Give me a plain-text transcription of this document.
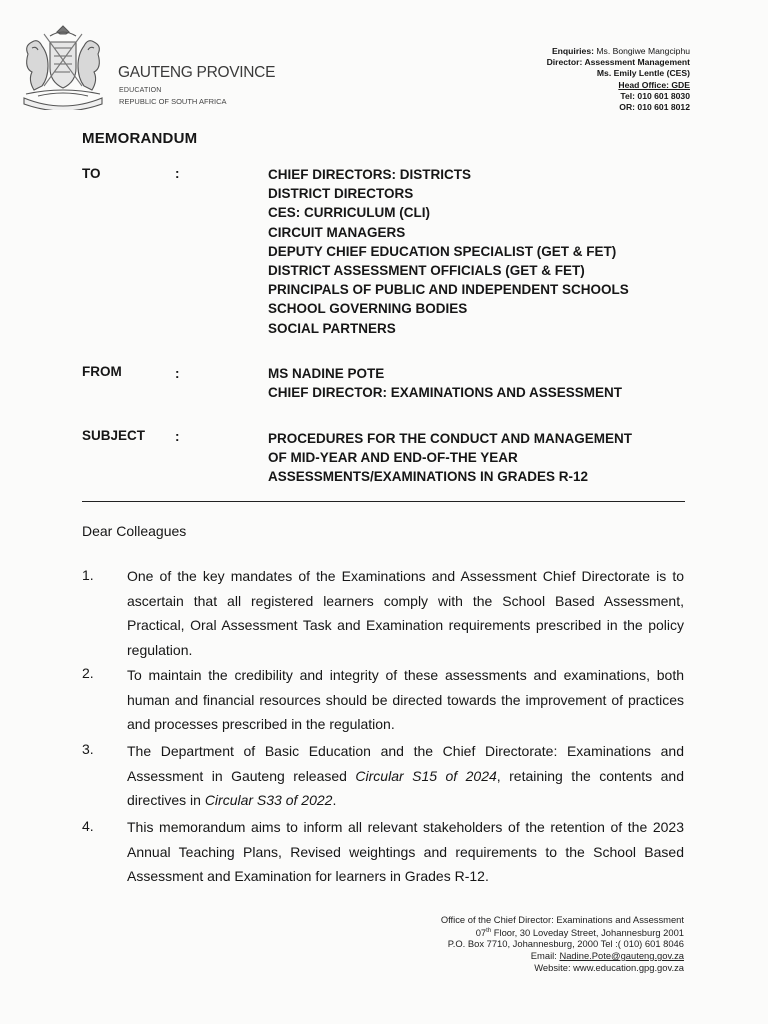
GAUTENG PROVINCE
EDUCATION
REPUBLIC OF SOUTH AFRICA
Enquiries: Ms. Bongiwe Mangciphu
Director: Assessment Management
Ms. Emily Lentle (CES)
Head Office: GDE
Tel: 010 601 8030
OR: 010 601 8012
MEMORANDUM
TO	:	CHIEF DIRECTORS: DISTRICTS
DISTRICT DIRECTORS
CES: CURRICULUM (CLI)
CIRCUIT MANAGERS
DEPUTY CHIEF EDUCATION SPECIALIST (GET & FET)
DISTRICT ASSESSMENT OFFICIALS (GET & FET)
PRINCIPALS OF PUBLIC AND INDEPENDENT SCHOOLS
SCHOOL GOVERNING BODIES
SOCIAL PARTNERS
FROM	:	MS NADINE POTE
CHIEF DIRECTOR: EXAMINATIONS AND ASSESSMENT
SUBJECT :	PROCEDURES FOR THE CONDUCT AND MANAGEMENT
OF MID-YEAR AND END-OF-THE YEAR
ASSESSMENTS/EXAMINATIONS IN GRADES R-12
Dear Colleagues
1. One of the key mandates of the Examinations and Assessment Chief Directorate is to ascertain that all registered learners comply with the School Based Assessment, Practical, Oral Assessment Task and Examination requirements prescribed in the policy regulation.
2. To maintain the credibility and integrity of these assessments and examinations, both human and financial resources should be directed towards the improvement of practices and processes prescribed in the regulation.
3. The Department of Basic Education and the Chief Directorate: Examinations and Assessment in Gauteng released Circular S15 of 2024, retaining the contents and directives in Circular S33 of 2022.
4. This memorandum aims to inform all relevant stakeholders of the retention of the 2023 Annual Teaching Plans, Revised weightings and requirements to the School Based Assessment and Examination for learners in Grades R-12.
Office of the Chief Director: Examinations and Assessment
07th Floor, 30 Loveday Street, Johannesburg 2001
P.O. Box 7710, Johannesburg, 2000 Tel :( 010) 601 8046
Email: Nadine.Pote@gauteng.gov.za
Website: www.education.gpg.gov.za
